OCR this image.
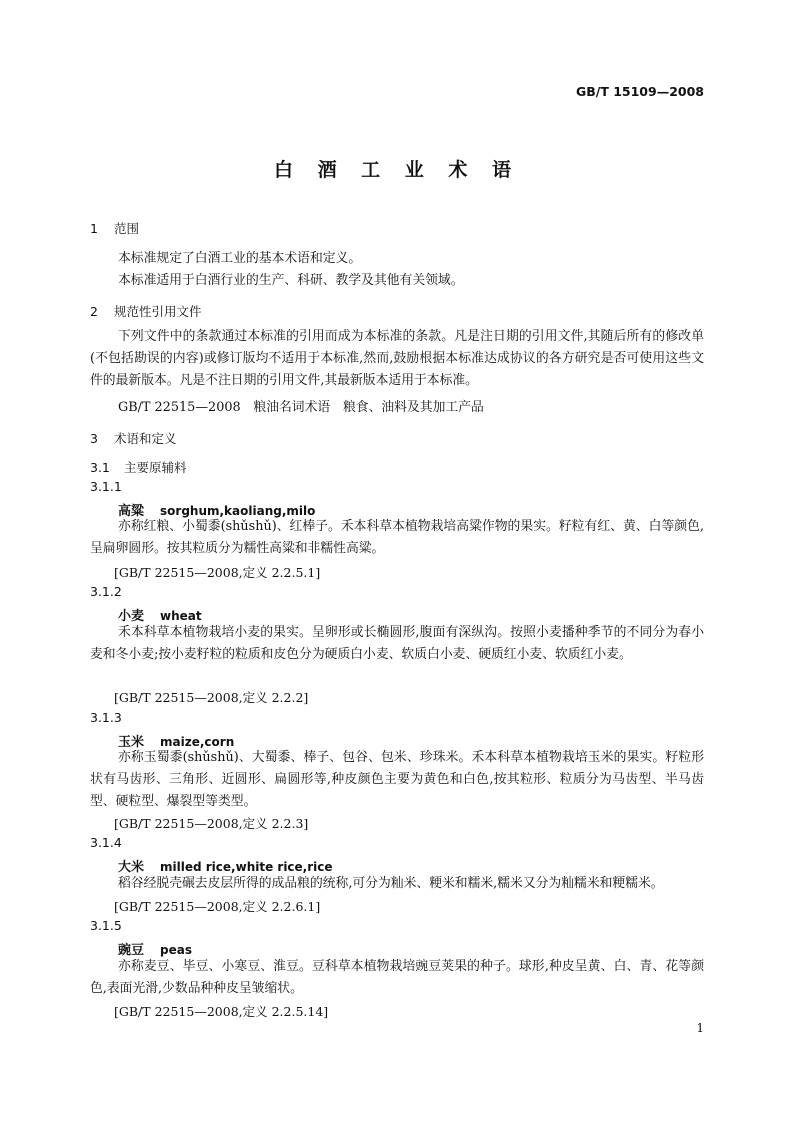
GB/T 15109—2008
白 酒 工 业 术 语
1 范围
本标准规定了白酒工业的基本术语和定义。
本标准适用于白酒行业的生产、科研、教学及其他有关领域。
2 规范性引用文件
下列文件中的条款通过本标准的引用而成为本标准的条款。凡是注日期的引用文件,其随后所有的修改单(不包括勘误的内容)或修订版均不适用于本标准,然而,鼓励根据本标准达成协议的各方研究是否可使用这些文件的最新版本。凡是不注日期的引用文件,其最新版本适用于本标准。
GB/T 22515—2008　粮油名词术语　粮食、油料及其加工产品
3 术语和定义
3.1 主要原辅料
3.1.1
高粱 sorghum,kaoliang,milo
亦称红粮、小蜀黍(shǔshǔ)、红棒子。禾本科草本植物栽培高粱作物的果实。籽粒有红、黄、白等颜色,呈扁卵圆形。按其粒质分为糯性高粱和非糯性高粱。
[GB/T 22515—2008,定义 2.2.5.1]
3.1.2
小麦 wheat
禾本科草本植物栽培小麦的果实。呈卵形或长椭圆形,腹面有深纵沟。按照小麦播种季节的不同分为春小麦和冬小麦;按小麦籽粒的粒质和皮色分为硬质白小麦、软质白小麦、硬质红小麦、软质红小麦。
[GB/T 22515—2008,定义 2.2.2]
3.1.3
玉米 maize,corn
亦称玉蜀黍(shǔshǔ)、大蜀黍、棒子、包谷、包米、珍珠米。禾本科草本植物栽培玉米的果实。籽粒形状有马齿形、三角形、近圆形、扁圆形等,种皮颜色主要为黄色和白色,按其粒形、粒质分为马齿型、半马齿型、硬粒型、爆裂型等类型。
[GB/T 22515—2008,定义 2.2.3]
3.1.4
大米 milled rice,white rice,rice
稻谷经脱壳碾去皮层所得的成品粮的统称,可分为籼米、粳米和糯米,糯米又分为籼糯米和粳糯米。
[GB/T 22515—2008,定义 2.2.6.1]
3.1.5
豌豆 peas
亦称麦豆、毕豆、小寒豆、淮豆。豆科草本植物栽培豌豆荚果的种子。球形,种皮呈黄、白、青、花等颜色,表面光滑,少数品种种皮呈皱缩状。
[GB/T 22515—2008,定义 2.2.5.14]
1
